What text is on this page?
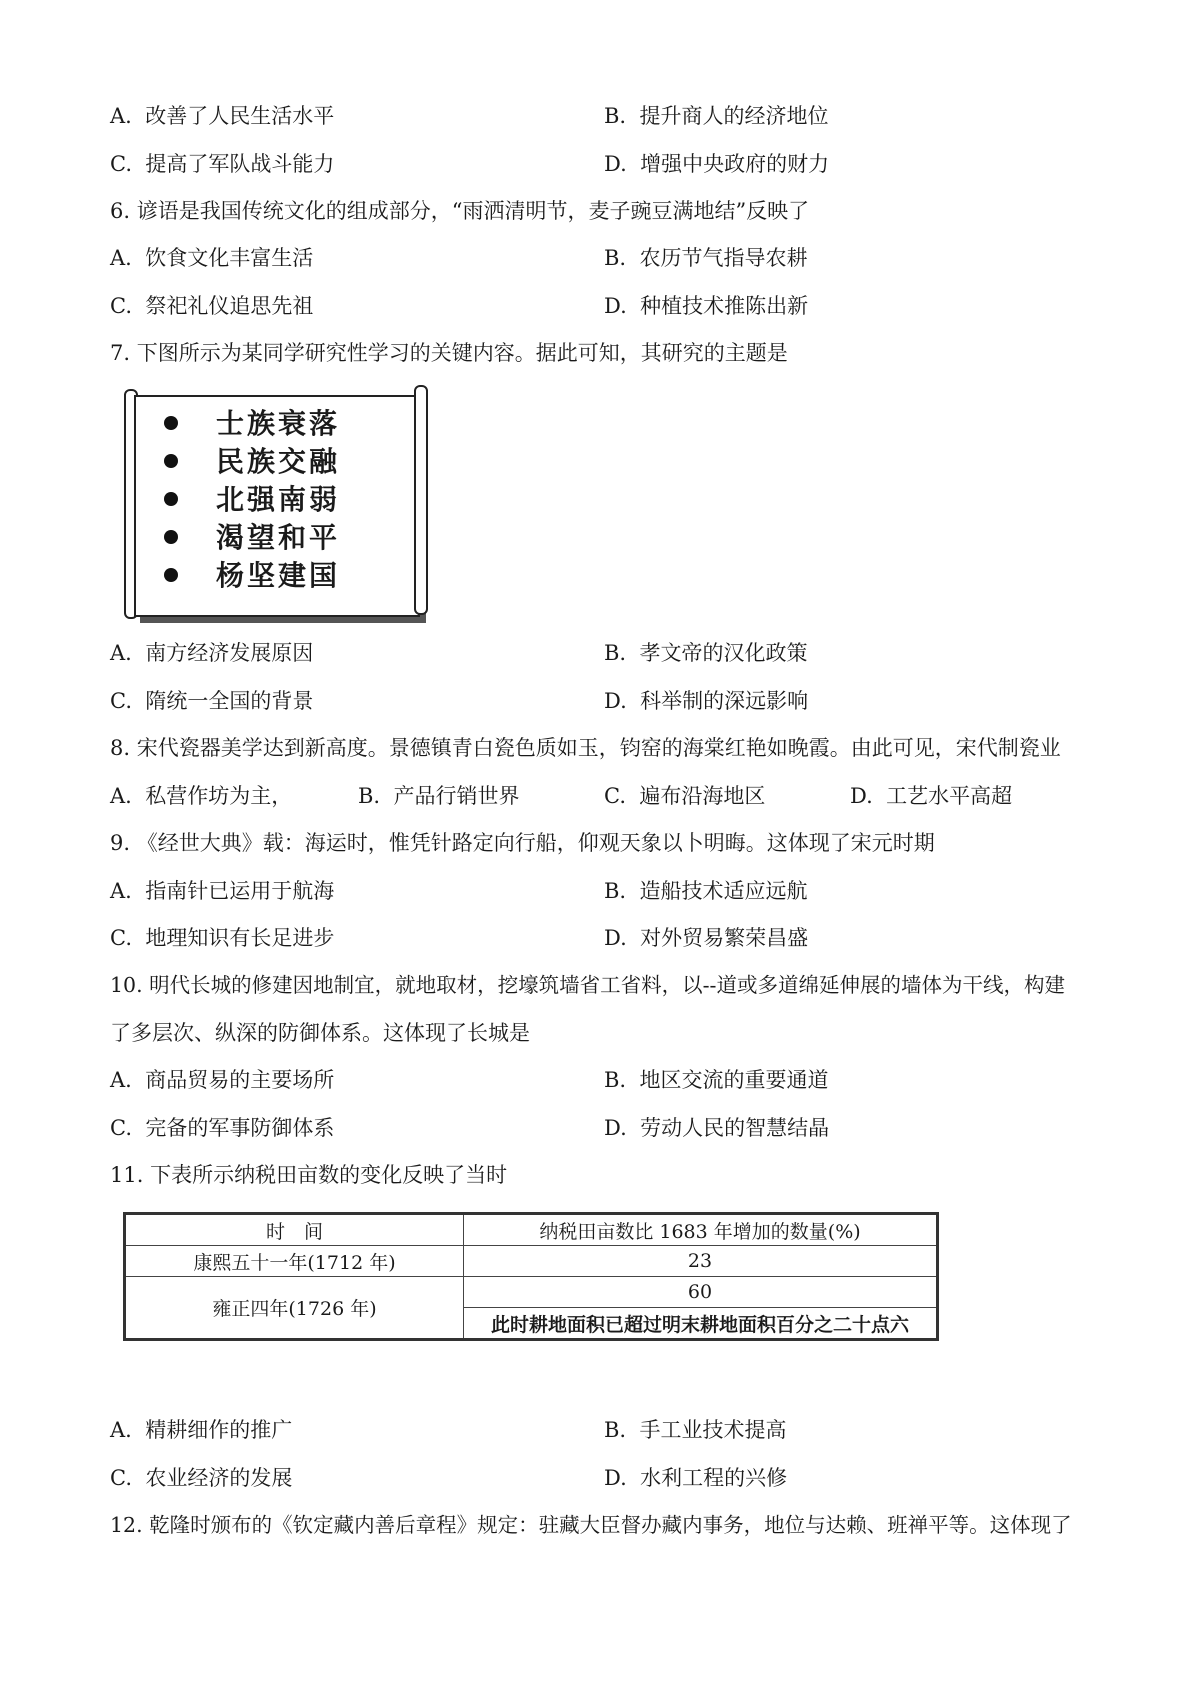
A. 改善了人民生活水平	B. 提升商人的经济地位
C. 提高了军队战斗能力	D. 增强中央政府的财力
6. 谚语是我国传统文化的组成部分，“雨洒清明节，麦子豌豆满地结”反映了
A. 饮食文化丰富生活	B. 农历节气指导农耕
C. 祭祀礼仪追思先祖	D. 种植技术推陈出新
7. 下图所示为某同学研究性学习的关键内容。据此可知，其研究的主题是
士族衰落
民族交融
北强南弱
渴望和平
杨坚建国
A. 南方经济发展原因	B. 孝文帝的汉化政策
C. 隋统一全国的背景	D. 科举制的深远影响
8. 宋代瓷器美学达到新高度。景德镇青白瓷色质如玉，钧窑的海棠红艳如晚霞。由此可见，宋代制瓷业
A. 私营作坊为主，	B. 产品行销世界	C. 遍布沿海地区	D. 工艺水平高超
9. 《经世大典》载：海运时，惟凭针路定向行船，仰观天象以卜明晦。这体现了宋元时期
A. 指南针已运用于航海	B. 造船技术适应远航
C. 地理知识有长足进步	D. 对外贸易繁荣昌盛
10. 明代长城的修建因地制宜，就地取材，挖壕筑墙省工省料，以--道或多道绵延伸展的墙体为干线，构建
了多层次、纵深的防御体系。这体现了长城是
A. 商品贸易的主要场所	B. 地区交流的重要通道
C. 完备的军事防御体系	D. 劳动人民的智慧结晶
11. 下表所示纳税田亩数的变化反映了当时
时　间	纳税田亩数比 1683 年增加的数量(%)
康熙五十一年(1712 年)	23
雍正四年(1726 年)	60
	此时耕地面积已超过明末耕地面积百分之二十点六
A. 精耕细作的推广	B. 手工业技术提高
C. 农业经济的发展	D. 水利工程的兴修
12. 乾隆时颁布的《钦定藏内善后章程》规定：驻藏大臣督办藏内事务，地位与达赖、班禅平等。这体现了
